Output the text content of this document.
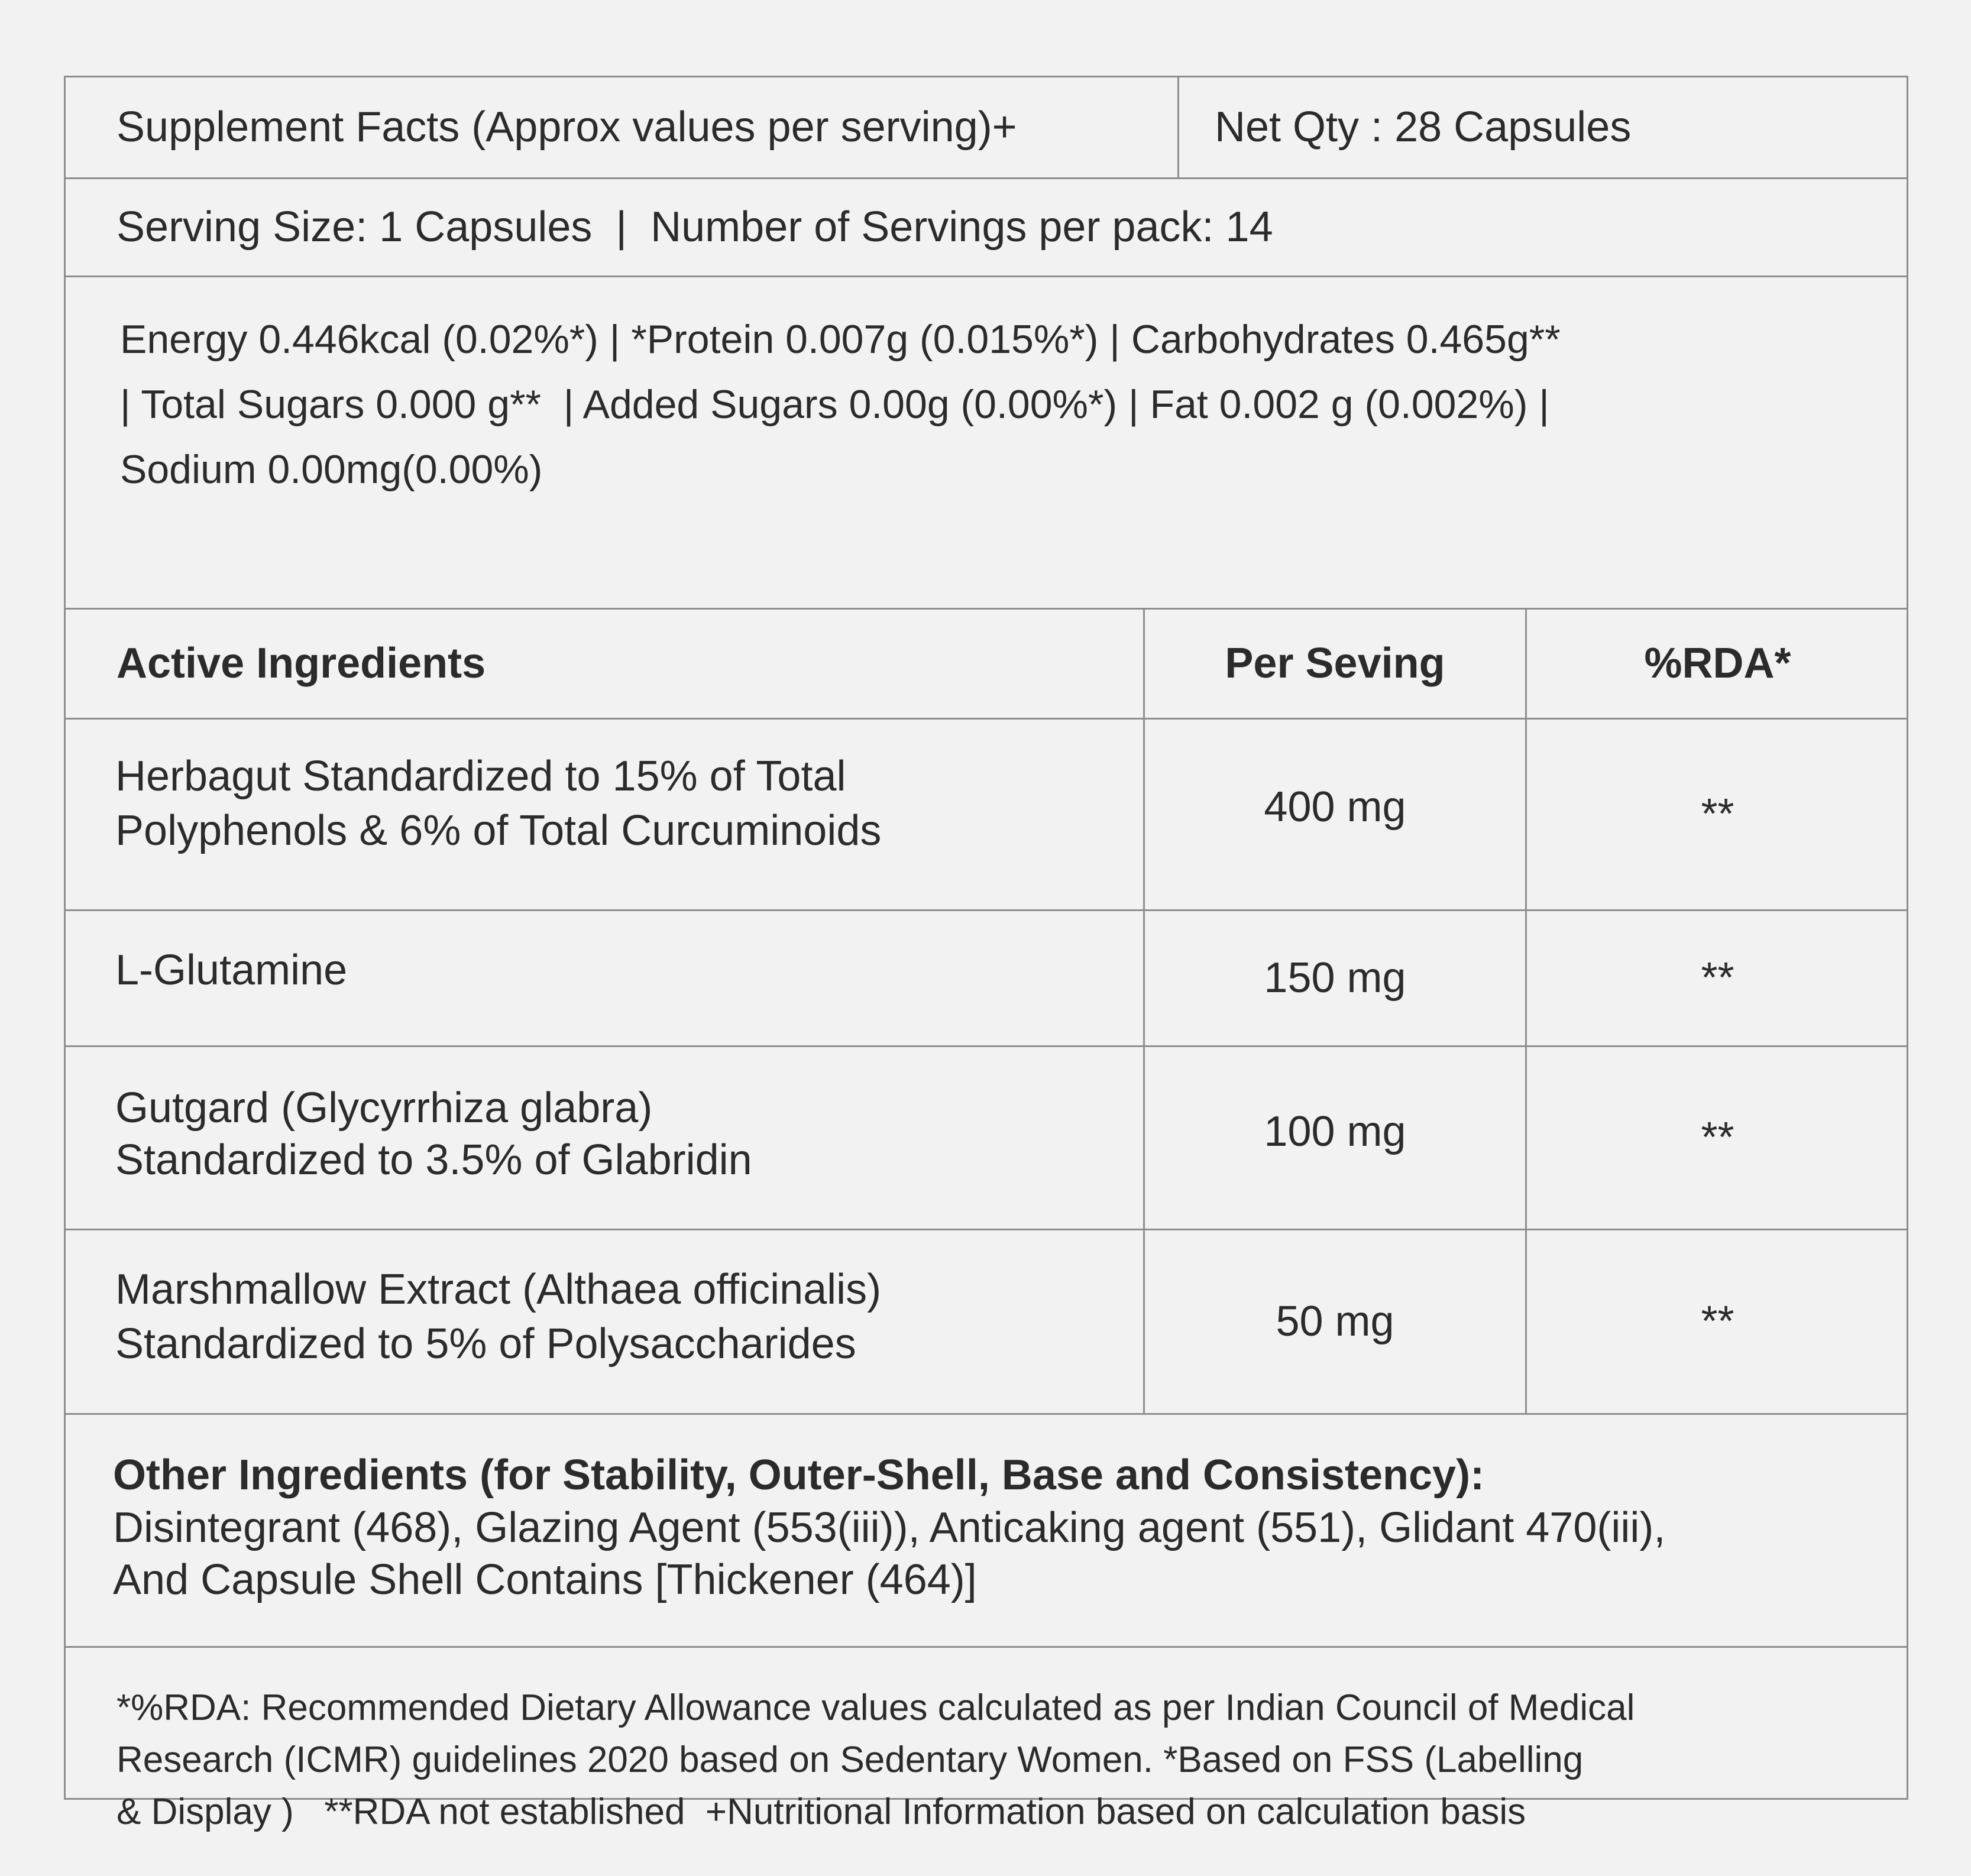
Supplement Facts (Approx values per serving)+	Net Qty : 28 Capsules
Serving Size: 1 Capsules  |  Number of Servings per pack: 14
Energy 0.446kcal (0.02%*) | *Protein 0.007g (0.015%*) | Carbohydrates 0.465g**
| Total Sugars 0.000 g**  | Added Sugars 0.00g (0.00%*) | Fat 0.002 g (0.002%) |
Sodium 0.00mg(0.00%)
Active Ingredients	Per Seving	%RDA*
Herbagut Standardized to 15% of Total
Polyphenols & 6% of Total Curcuminoids	400 mg	**
L-Glutamine	150 mg	**
Gutgard (Glycyrrhiza glabra)
Standardized to 3.5% of Glabridin
100 mg	**
Marshmallow Extract (Althaea officinalis)
Standardized to 5% of Polysaccharides	50 mg	**
Other Ingredients (for Stability, Outer-Shell, Base and Consistency):
Disintegrant (468), Glazing Agent (553(iii)), Anticaking agent (551), Glidant 470(iii),
And Capsule Shell Contains [Thickener (464)]
*%RDA: Recommended Dietary Allowance values calculated as per Indian Council of Medical
Research (ICMR) guidelines 2020 based on Sedentary Women. *Based on FSS (Labelling
& Display )   **RDA not established  +Nutritional Information based on calculation basis
